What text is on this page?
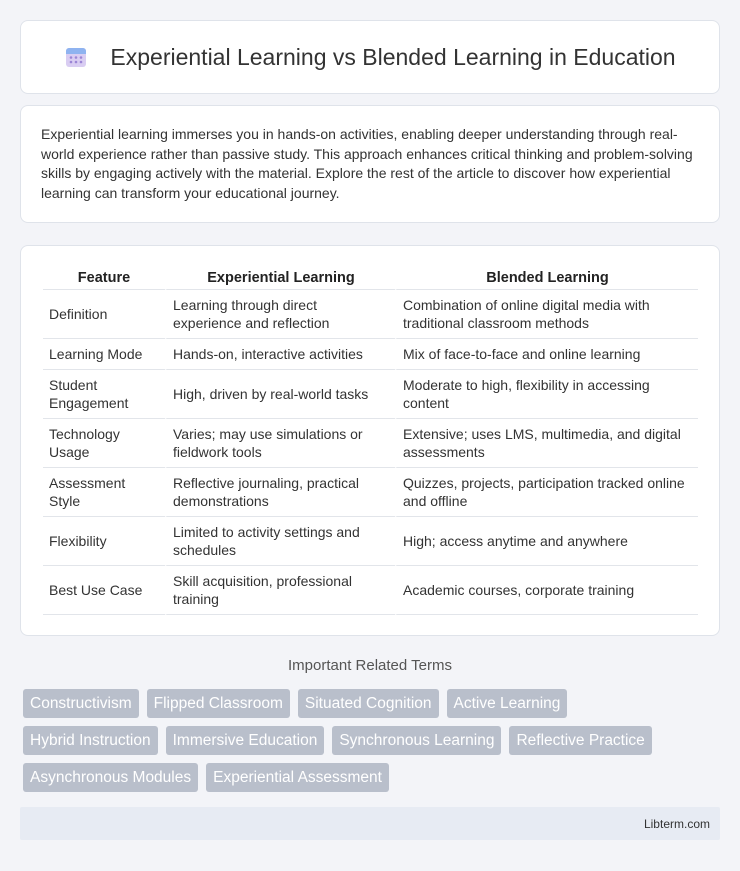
Experiential Learning vs Blended Learning in Education

Experiential learning immerses you in hands-on activities, enabling deeper understanding through real-world experience rather than passive study. This approach enhances critical thinking and problem-solving skills by engaging actively with the material. Explore the rest of the article to discover how experiential learning can transform your educational journey.

Feature	Experiential Learning	Blended Learning
Definition	Learning through direct experience and reflection	Combination of online digital media with traditional classroom methods
Learning Mode	Hands-on, interactive activities	Mix of face-to-face and online learning
Student Engagement	High, driven by real-world tasks	Moderate to high, flexibility in accessing content
Technology Usage	Varies; may use simulations or fieldwork tools	Extensive; uses LMS, multimedia, and digital assessments
Assessment Style	Reflective journaling, practical demonstrations	Quizzes, projects, participation tracked online and offline
Flexibility	Limited to activity settings and schedules	High; access anytime and anywhere
Best Use Case	Skill acquisition, professional training	Academic courses, corporate training
Important Related Terms
Constructivism	Flipped Classroom	Situated Cognition	Active Learning
Hybrid Instruction	Immersive Education	Synchronous Learning	Reflective Practice
Asynchronous Modules	Experiential Assessment
Libterm.com
